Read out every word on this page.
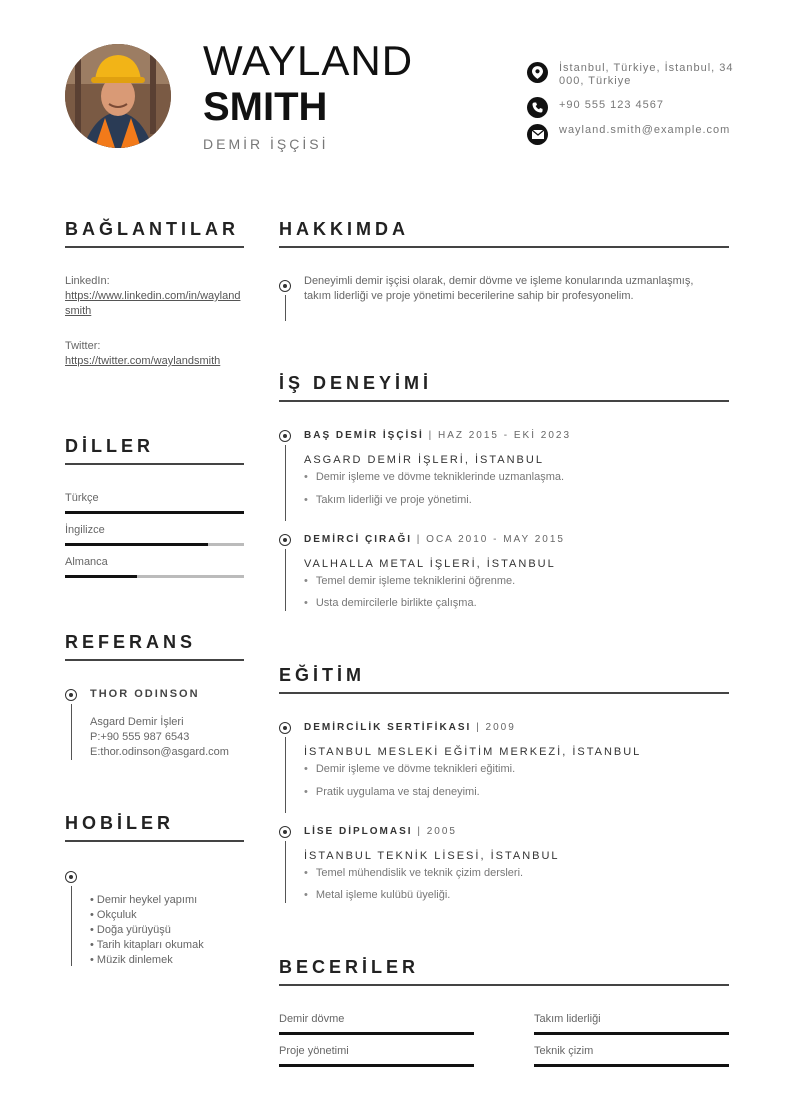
WAYLAND
SMITH
DEMİR İŞÇİSİ
İstanbul, Türkiye, İstanbul, 34000, Türkiye
+90 555 123 4567
wayland.smith@example.com
BAĞLANTILAR
LinkedIn:
https://www.linkedin.com/in/waylandsmith
Twitter:
https://twitter.com/waylandsmith
DİLLER
Türkçe
İngilizce
Almanca
REFERANS
THOR ODINSON
Asgard Demir İşleri
P:+90 555 987 6543
E:thor.odinson@asgard.com
HOBİLER
• Demir heykel yapımı
• Okçuluk
• Doğa yürüyüşü
• Tarih kitapları okumak
• Müzik dinlemek
HAKKIMDA
Deneyimli demir işçisi olarak, demir dövme ve işleme konularında uzmanlaşmış, takım liderliği ve proje yönetimi becerilerine sahip bir profesyonelim.
İŞ DENEYİMİ
BAŞ DEMİR İŞÇİSİ | HAZ 2015 - EKİ 2023
ASGARD DEMİR İŞLERİ, İSTANBUL
• Demir işleme ve dövme tekniklerinde uzmanlaşma.
• Takım liderliği ve proje yönetimi.
DEMİRCİ ÇIRAĞI | OCA 2010 - MAY 2015
VALHALLA METAL İŞLERİ, İSTANBUL
• Temel demir işleme tekniklerini öğrenme.
• Usta demircilerle birlikte çalışma.
EĞİTİM
DEMİRCİLİK SERTİFİKASI | 2009
İSTANBUL MESLEKİ EĞİTİM MERKEZİ, İSTANBUL
• Demir işleme ve dövme teknikleri eğitimi.
• Pratik uygulama ve staj deneyimi.
LİSE DİPLOMASI | 2005
İSTANBUL TEKNİK LİSESİ, İSTANBUL
• Temel mühendislik ve teknik çizim dersleri.
• Metal işleme kulübü üyeliği.
BECERİLER
Demir dövme	Takım liderliği
Proje yönetimi	Teknik çizim
